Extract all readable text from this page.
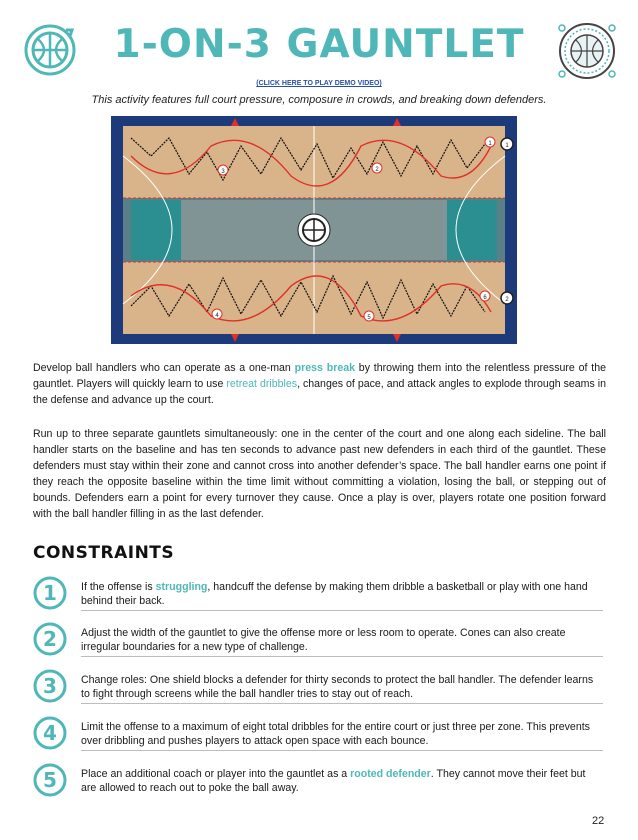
1-ON-3 GAUNTLET
(CLICK HERE TO PLAY DEMO VIDEO)
This activity features full court pressure, composure in crowds, and breaking down defenders.
3	2
1 1
4	5
6	2
Develop ball handlers who can operate as a one-man press break by throwing them into the relentless pressure of the gauntlet. Players will quickly learn to use retreat dribbles, changes of pace, and attack angles to explode through seams in the defense and advance up the court.
Run up to three separate gauntlets simultaneously: one in the center of the court and one along each sideline. The ball handler starts on the baseline and has ten seconds to advance past new defenders in each third of the gauntlet. These defenders must stay within their zone and cannot cross into another defender’s space. The ball handler earns one point if they reach the opposite baseline within the time limit without committing a violation, losing the ball, or stepping out of bounds. Defenders earn a point for every turnover they cause. Once a play is over, players rotate one position forward with the ball handler filling in as the last defender.
CONSTRAINTS
1 If the offense is struggling, handcuff the defense by making them dribble a basketball or play with one hand behind their back.
2 Adjust the width of the gauntlet to give the offense more or less room to operate. Cones can also create irregular boundaries for a new type of challenge.
3 Change roles: One shield blocks a defender for thirty seconds to protect the ball handler. The defender learns to fight through screens while the ball handler tries to stay out of reach.
4 Limit the offense to a maximum of eight total dribbles for the entire court or just three per zone. This prevents over dribbling and pushes players to attack open space with each bounce.
5 Place an additional coach or player into the gauntlet as a rooted defender. They cannot move their feet but are allowed to reach out to poke the ball away.
22
